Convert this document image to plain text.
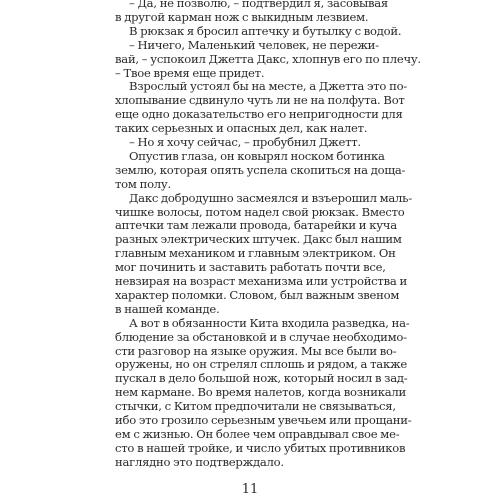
– Да, не позволю, – подтвердил я, засовывая
в другой карман нож с выкидным лезвием.
В рюкзак я бросил аптечку и бутылку с водой.
– Ничего, Маленький человек, не пережи-
вай, – успокоил Джетта Дакс, хлопнув его по плечу.
– Твое время еще придет.
Взрослый устоял бы на месте, а Джетта это по-
хлопывание сдвинуло чуть ли не на полфута. Вот
еще одно доказательство его непригодности для
таких серьезных и опасных дел, как налет.
– Но я хочу сейчас, – пробубнил Джетт.
Опустив глаза, он ковырял носком ботинка
землю, которая опять успела скопиться на доща-
том полу.
Дакс добродушно засмеялся и взъерошил маль-
чишке волосы, потом надел свой рюкзак. Вместо
аптечки там лежали провода, батарейки и куча
разных электрических штучек. Дакс был нашим
главным механиком и главным электриком. Он
мог починить и заставить работать почти все,
невзирая на возраст механизма или устройства и
характер поломки. Словом, был важным звеном
в нашей команде.
А вот в обязанности Кита входила разведка, на-
блюдение за обстановкой и в случае необходимо-
сти разговор на языке оружия. Мы все были во-
оружены, но он стрелял сплошь и рядом, а также
пускал в дело большой нож, который носил в зад-
нем кармане. Во время налетов, когда возникали
стычки, с Китом предпочитали не связываться,
ибо это грозило серьезным увечьем или прощани-
ем с жизнью. Он более чем оправдывал свое ме-
сто в нашей тройке, и число убитых противников
наглядно это подтверждало.
11
